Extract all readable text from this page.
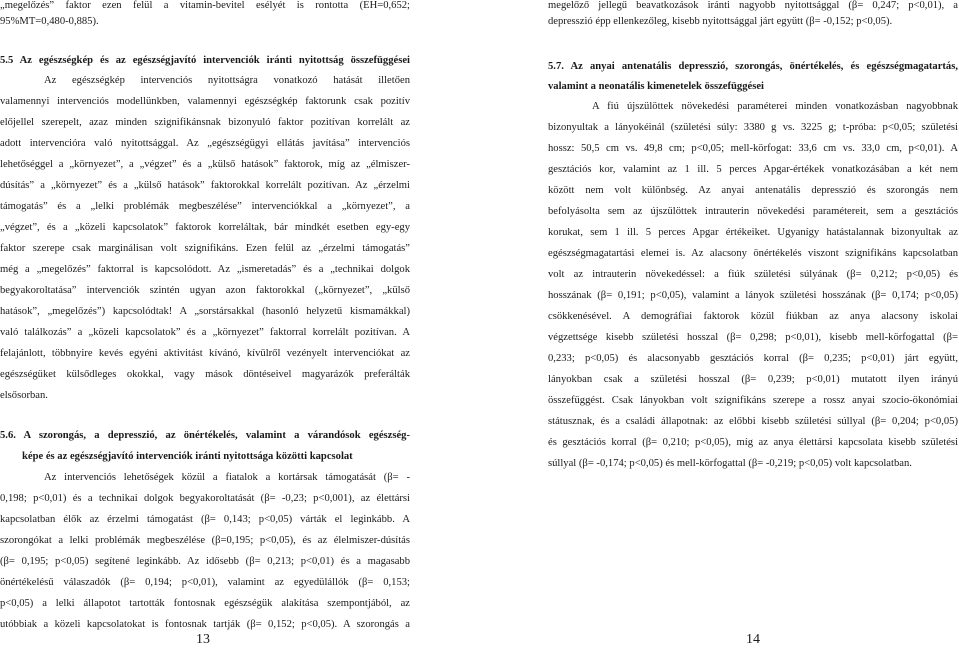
„megelőzés” faktor ezen felül a vitamin-bevitel esélyét is rontotta (EH=0,652;
95%MT=0,480-0,885).
5.5 Az egészségkép és az egészségjavító intervenciók iránti nyitottság összefüggései
Az egészségkép intervenciós nyitottságra vonatkozó hatását illetően
valamennyi intervenciós modellünkben, valamennyi egészségkép faktorunk csak pozitív
előjellel szerepelt, azaz minden szignifikánsnak bizonyuló faktor pozitívan korrelált az
adott intervencióra való nyitottsággal. Az „egészségügyi ellátás javítása” intervenciós
lehetőséggel a „környezet”, a „végzet” és a „külső hatások” faktorok, míg az „élmiszer-
dúsítás” a „környezet” és a „külső hatások” faktorokkal korrelált pozitívan. Az „érzelmi
támogatás” és a „lelki problémák megbeszélése” intervenciókkal a „környezet”, a
„végzet”, és a „közeli kapcsolatok” faktorok korreláltak, bár mindkét esetben egy-egy
faktor szerepe csak marginálisan volt szignifikáns. Ezen felül az „érzelmi támogatás”
még a „megelőzés” faktorral is kapcsolódott. Az „ismeretadás” és a „technikai dolgok
begyakoroltatása” intervenciók szintén ugyan azon faktorokkal („környezet”, „külső
hatások”, „megelőzés”) kapcsolódtak! A „sorstársakkal (hasonló helyzetű kismamákkal)
való találkozás” a „közeli kapcsolatok” és a „környezet” faktorral korrelált pozitívan. A
felajánlott, többnyire kevés egyéni aktivitást kívánó, kívülről vezényelt intervenciókat az
egészségüket külsődleges okokkal, vagy mások döntéseivel magyarázók preferálták
elsősorban.
5.6. A szorongás, a depresszió, az önértékelés, valamint a várandósok egészség-
képe és az egészségjavító intervenciók iránti nyitottsága közötti kapcsolat
Az intervenciós lehetőségek közül a fiatalok a kortársak támogatását (β= -
0,198; p<0,01) és a technikai dolgok begyakoroltatását (β= -0,23; p<0,001), az élettársi
kapcsolatban élők az érzelmi támogatást (β= 0,143; p<0,05) várták el leginkább. A
szorongókat a lelki problémák megbeszélése (β=0,195; p<0,05), és az élelmiszer-dúsítás
(β= 0,195; p<0,05) segítené leginkább. Az idősebb (β= 0,213; p<0,01) és a magasabb
önértékelésű válaszadók (β= 0,194; p<0,01), valamint az egyedülállók (β= 0,153;
p<0,05) a lelki állapotot tartották fontosnak egészségük alakítása szempontjából, az
utóbbiak a közeli kapcsolatokat is fontosnak tartják (β= 0,152; p<0,05). A szorongás a
13
megelőző jellegű beavatkozások iránti nagyobb nyitottsággal (β= 0,247; p<0,01), a
depresszió épp ellenkezőleg, kisebb nyitottsággal járt együtt (β= -0,152; p<0,05).
5.7. Az anyai antenatális depresszió, szorongás, önértékelés, és egészségmagatartás,
valamint a neonatális kimenetelek összefüggései
A fiú újszülöttek növekedési paraméterei minden vonatkozásban nagyobbnak
bizonyultak a lányokéinál (születési súly: 3380 g vs. 3225 g; t-próba: p<0,05; születési
hossz: 50,5 cm vs. 49,8 cm; p<0,05; mell-körfogat: 33,6 cm vs. 33,0 cm, p<0,01). A
gesztációs kor, valamint az 1 ill. 5 perces Apgar-értékek vonatkozásában a két nem
között nem volt különbség. Az anyai antenatális depresszió és szorongás nem
befolyásolta sem az újszülöttek intrauterin növekedési paramétereit, sem a gesztációs
korukat, sem 1 ill. 5 perces Apgar értékeiket. Ugyanígy hatástalannak bizonyultak az
egészségmagatartási elemei is. Az alacsony önértékelés viszont szignifikáns kapcsolatban
volt az intrauterin növekedéssel: a fiúk születési súlyának (β= 0,212; p<0,05) és
hosszának (β= 0,191; p<0,05), valamint a lányok születési hosszának (β= 0,174; p<0,05)
csökkenésével. A demográfiai faktorok közül fiúkban az anya alacsony iskolai
végzettsége kisebb születési hosszal (β= 0,298; p<0,01), kisebb mell-körfogattal (β=
0,233; p<0,05) és alacsonyabb gesztációs korral (β= 0,235; p<0,01) járt együtt,
lányokban csak a születési hosszal (β= 0,239; p<0,01) mutatott ilyen irányú
összefüggést. Csak lányokban volt szignifikáns szerepe a rossz anyai szocio-ökonómiai
státusznak, és a családi állapotnak: az előbbi kisebb születési súllyal (β= 0,204; p<0,05)
és gesztációs korral (β= 0,210; p<0,05), míg az anya élettársi kapcsolata kisebb születési
súllyal (β= -0,174; p<0,05) és mell-körfogattal (β= -0,219; p<0,05) volt kapcsolatban.
14
